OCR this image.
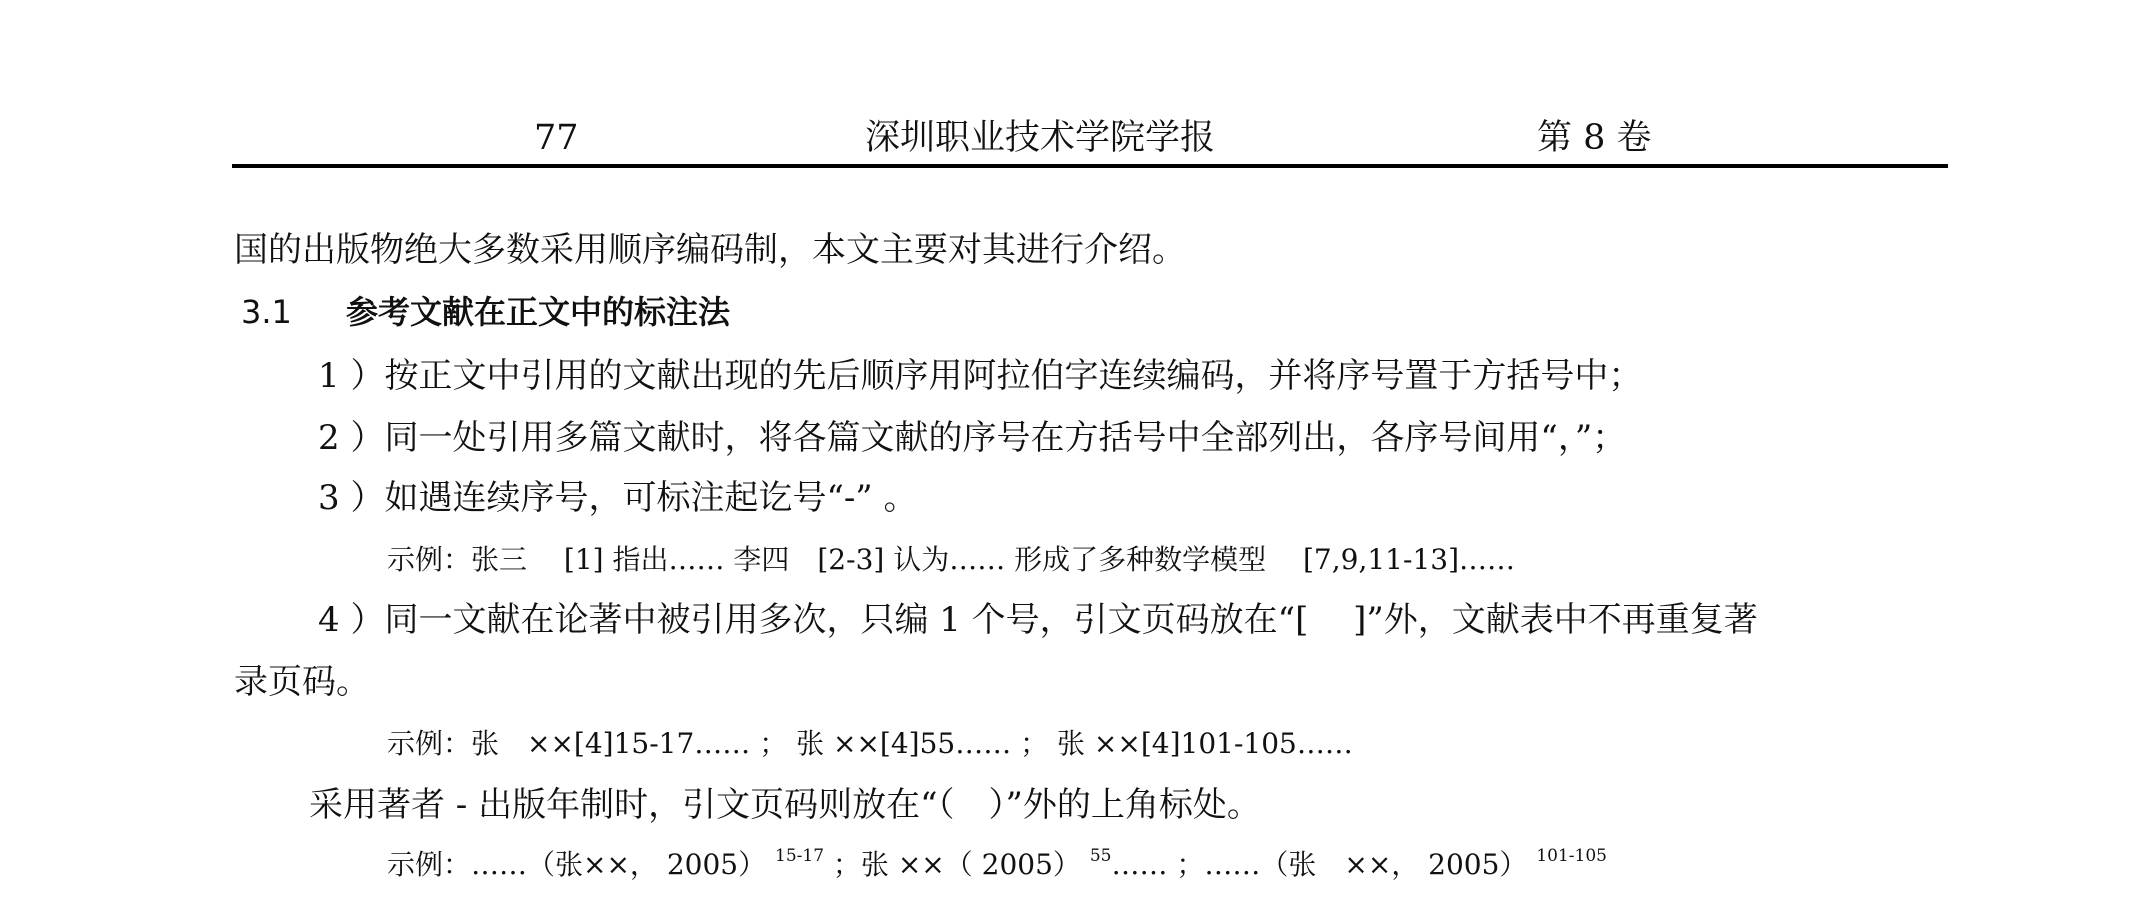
77	深圳职业技术学院学报	第 8 卷
国的出版物绝大多数采用顺序编码制，本文主要对其进行介绍。
3.1 参考文献在正文中的标注法
1 ）按正文中引用的文献出现的先后顺序用阿拉伯字连续编码，并将序号置于方括号中；
2 ）同一处引用多篇文献时，将各篇文献的序号在方括号中全部列出，各序号间用“，”；
3 ）如遇连续序号，可标注起讫号“-” 。
示例：张三　 [1] 指出…… 李四　[2-3] 认为…… 形成了多种数学模型　 [7,9,11-13]……
4 ）同一文献在论著中被引用多次，只编 1 个号，引文页码放在“[　 ]”外，文献表中不再重复著
录页码。
示例：张　××[4]15-17…… ； 张 ××[4]55…… ； 张 ××[4]101-105……
采用著者 - 出版年制时，引文页码则放在“（　）”外的上角标处。
示例：……（张××， 2005） $^{15-17}$ ；张 ××（ 2005） $^{55}$…… ；……（张　××， 2005） $^{101-105}$
